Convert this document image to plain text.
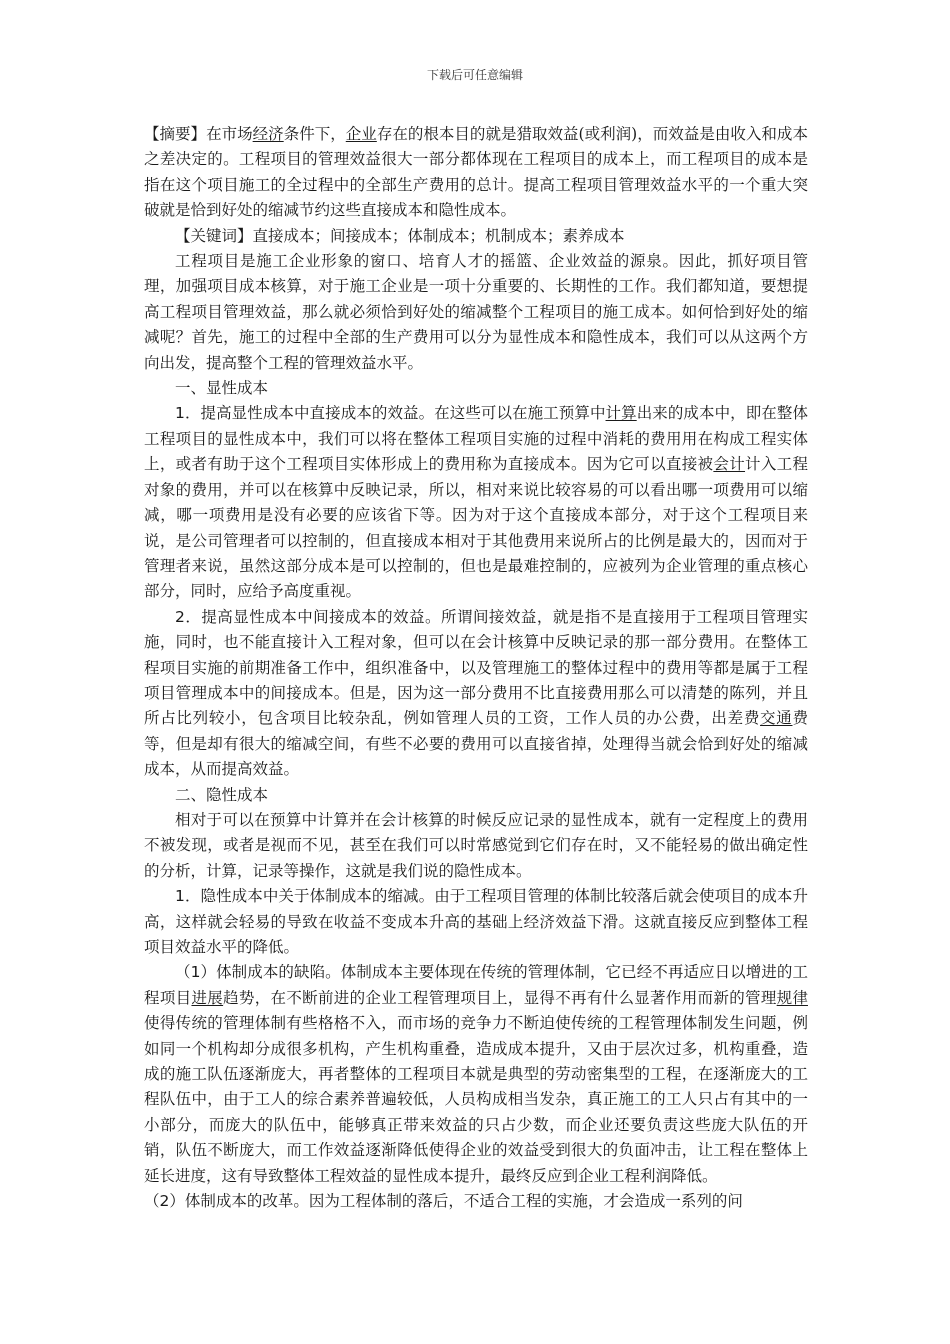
下载后可任意编辑

【摘要】在市场经济条件下，企业存在的根本目的就是猎取效益(或利润)，而效益是由收入和成本之差决定的。工程项目的管理效益很大一部分都体现在工程项目的成本上，而工程项目的成本是指在这个项目施工的全过程中的全部生产费用的总计。提高工程项目管理效益水平的一个重大突破就是恰到好处的缩减节约这些直接成本和隐性成本。

【关键词】直接成本；间接成本；体制成本；机制成本；素养成本

工程项目是施工企业形象的窗口、培育人才的摇篮、企业效益的源泉。因此，抓好项目管理，加强项目成本核算，对于施工企业是一项十分重要的、长期性的工作。我们都知道，要想提高工程项目管理效益，那么就必须恰到好处的缩减整个工程项目的施工成本。如何恰到好处的缩减呢？首先，施工的过程中全部的生产费用可以分为显性成本和隐性成本，我们可以从这两个方向出发，提高整个工程的管理效益水平。

一、显性成本

1．提高显性成本中直接成本的效益。在这些可以在施工预算中计算出来的成本中，即在整体工程项目的显性成本中，我们可以将在整体工程项目实施的过程中消耗的费用用在构成工程实体上，或者有助于这个工程项目实体形成上的费用称为直接成本。因为它可以直接被会计计入工程对象的费用，并可以在核算中反映记录，所以，相对来说比较容易的可以看出哪一项费用可以缩减，哪一项费用是没有必要的应该省下等。因为对于这个直接成本部分，对于这个工程项目来说，是公司管理者可以控制的，但直接成本相对于其他费用来说所占的比例是最大的，因而对于管理者来说，虽然这部分成本是可以控制的，但也是最难控制的，应被列为企业管理的重点核心部分，同时，应给予高度重视。

2．提高显性成本中间接成本的效益。所谓间接效益，就是指不是直接用于工程项目管理实施，同时，也不能直接计入工程对象，但可以在会计核算中反映记录的那一部分费用。在整体工程项目实施的前期准备工作中，组织准备中，以及管理施工的整体过程中的费用等都是属于工程项目管理成本中的间接成本。但是，因为这一部分费用不比直接费用那么可以清楚的陈列，并且所占比列较小，包含项目比较杂乱，例如管理人员的工资，工作人员的办公费，出差费交通费等，但是却有很大的缩减空间，有些不必要的费用可以直接省掉，处理得当就会恰到好处的缩减成本，从而提高效益。

二、隐性成本

相对于可以在预算中计算并在会计核算的时候反应记录的显性成本，就有一定程度上的费用不被发现，或者是视而不见，甚至在我们可以时常感觉到它们存在时，又不能轻易的做出确定性的分析，计算，记录等操作，这就是我们说的隐性成本。

1．隐性成本中关于体制成本的缩减。由于工程项目管理的体制比较落后就会使项目的成本升高，这样就会轻易的导致在收益不变成本升高的基础上经济效益下滑。这就直接反应到整体工程项目效益水平的降低。

（1）体制成本的缺陷。体制成本主要体现在传统的管理体制，它已经不再适应日以增进的工程项目进展趋势，在不断前进的企业工程管理项目上，显得不再有什么显著作用而新的管理规律使得传统的管理体制有些格格不入，而市场的竞争力不断迫使传统的工程管理体制发生问题，例如同一个机构却分成很多机构，产生机构重叠，造成成本提升，又由于层次过多，机构重叠，造成的施工队伍逐渐庞大，再者整体的工程项目本就是典型的劳动密集型的工程，在逐渐庞大的工程队伍中，由于工人的综合素养普遍较低，人员构成相当发杂，真正施工的工人只占有其中的一小部分，而庞大的队伍中，能够真正带来效益的只占少数，而企业还要负责这些庞大队伍的开销，队伍不断庞大，而工作效益逐渐降低使得企业的效益受到很大的负面冲击，让工程在整体上延长进度，这有导致整体工程效益的显性成本提升，最终反应到企业工程利润降低。

（2）体制成本的改革。因为工程体制的落后，不适合工程的实施，才会造成一系列的问
